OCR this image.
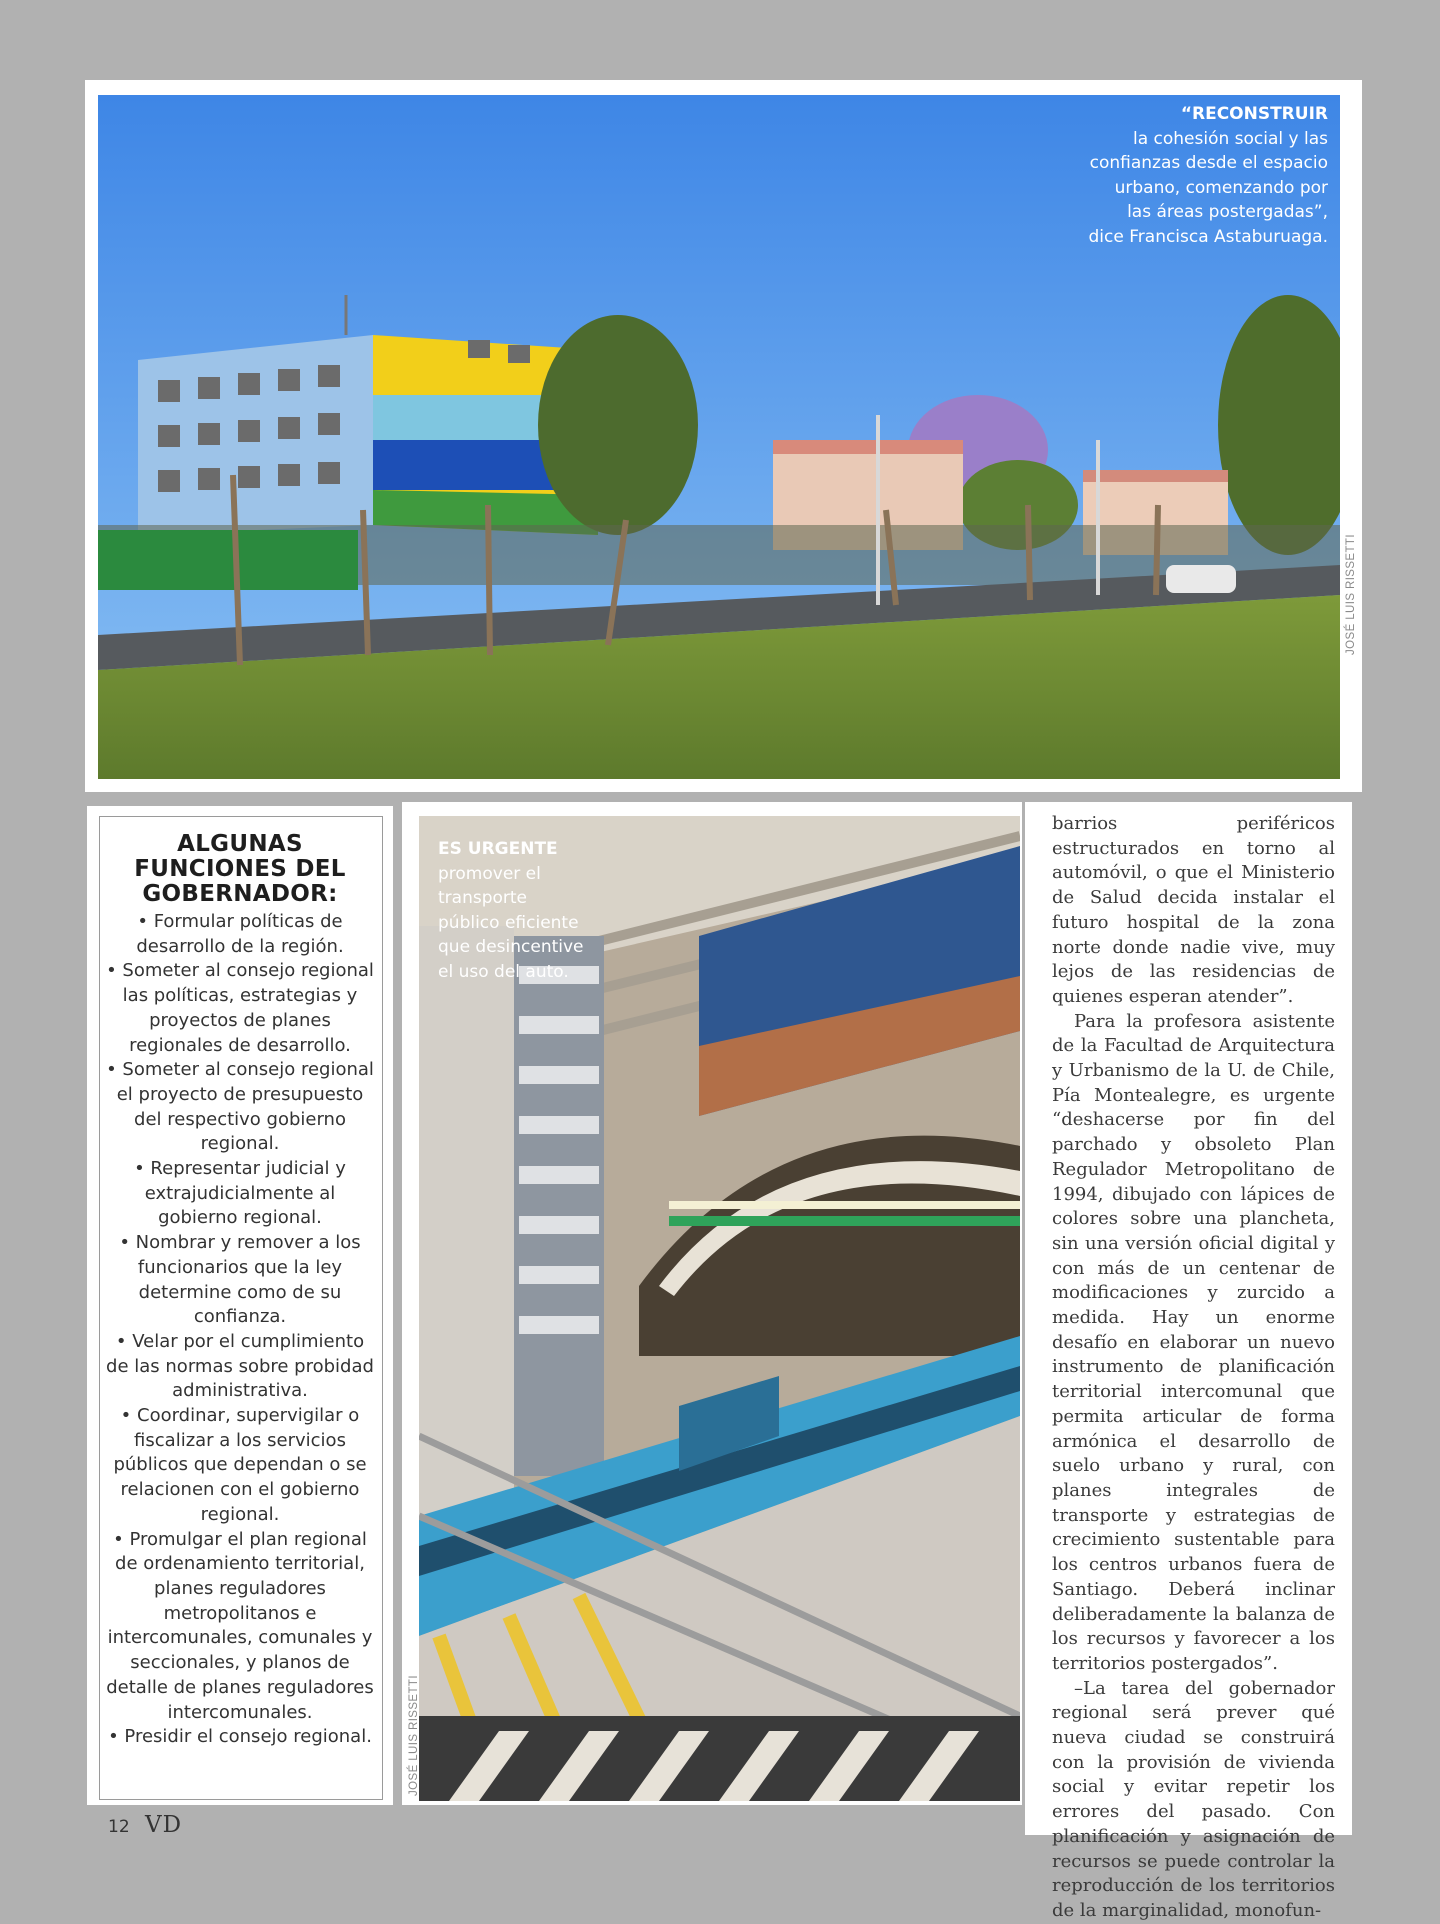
“RECONSTRUIR
la cohesión social y las confianzas desde el espacio urbano, comenzando por las áreas postergadas”, dice Francisca Astaburuaga.
JOSÉ LUIS RISSETTI
ALGUNAS
FUNCIONES DEL
GOBERNADOR:
• Formular políticas de desarrollo de la región.
• Someter al consejo regional las políticas, estrategias y proyectos de planes regionales de desarrollo.
• Someter al consejo regional el proyecto de presupuesto del respectivo gobierno regional.
• Representar judicial y extrajudicialmente al gobierno regional.
• Nombrar y remover a los funcionarios que la ley determine como de su confianza.
• Velar por el cumplimiento de las normas sobre probidad administrativa.
• Coordinar, supervigilar o fiscalizar a los servicios públicos que dependan o se relacionen con el gobierno regional.
• Promulgar el plan regional de ordenamiento territorial, planes reguladores metropolitanos e intercomunales, comunales y seccionales, y planos de detalle de planes reguladores intercomunales.
• Presidir el consejo regional.
ES URGENTE
promover el transporte público eficiente que desincentive el uso del auto.
JOSÉ LUIS RISSETTI

barrios periféricos estructurados en torno al automóvil, o que el Ministerio de Salud decida instalar el futuro hospital de la zona norte donde nadie vive, muy lejos de las residencias de quienes esperan atender”.

Para la profesora asistente de la Facultad de Arquitectura y Urbanismo de la U. de Chile, Pía Montealegre, es urgente “deshacerse por fin del parchado y obsoleto Plan Regulador Metropolitano de 1994, dibujado con lápices de colores sobre una plancheta, sin una versión oficial digital y con más de un centenar de modificaciones y zurcido a medida. Hay un enorme desafío en elaborar un nuevo instrumento de planificación territorial intercomunal que permita articular de forma armónica el desarrollo de suelo urbano y rural, con planes integrales de transporte y estrategias de crecimiento sustentable para los centros urbanos fuera de Santiago. Deberá inclinar deliberadamente la balanza de los recursos y favorecer a los territorios postergados”.

–La tarea del gobernador regional será prever qué nueva ciudad se construirá con la provisión de vivienda social y evitar repetir los errores del pasado. Con planificación y asignación de recursos se puede controlar la reproducción de los territorios de la marginalidad, monofun-

12 VD
